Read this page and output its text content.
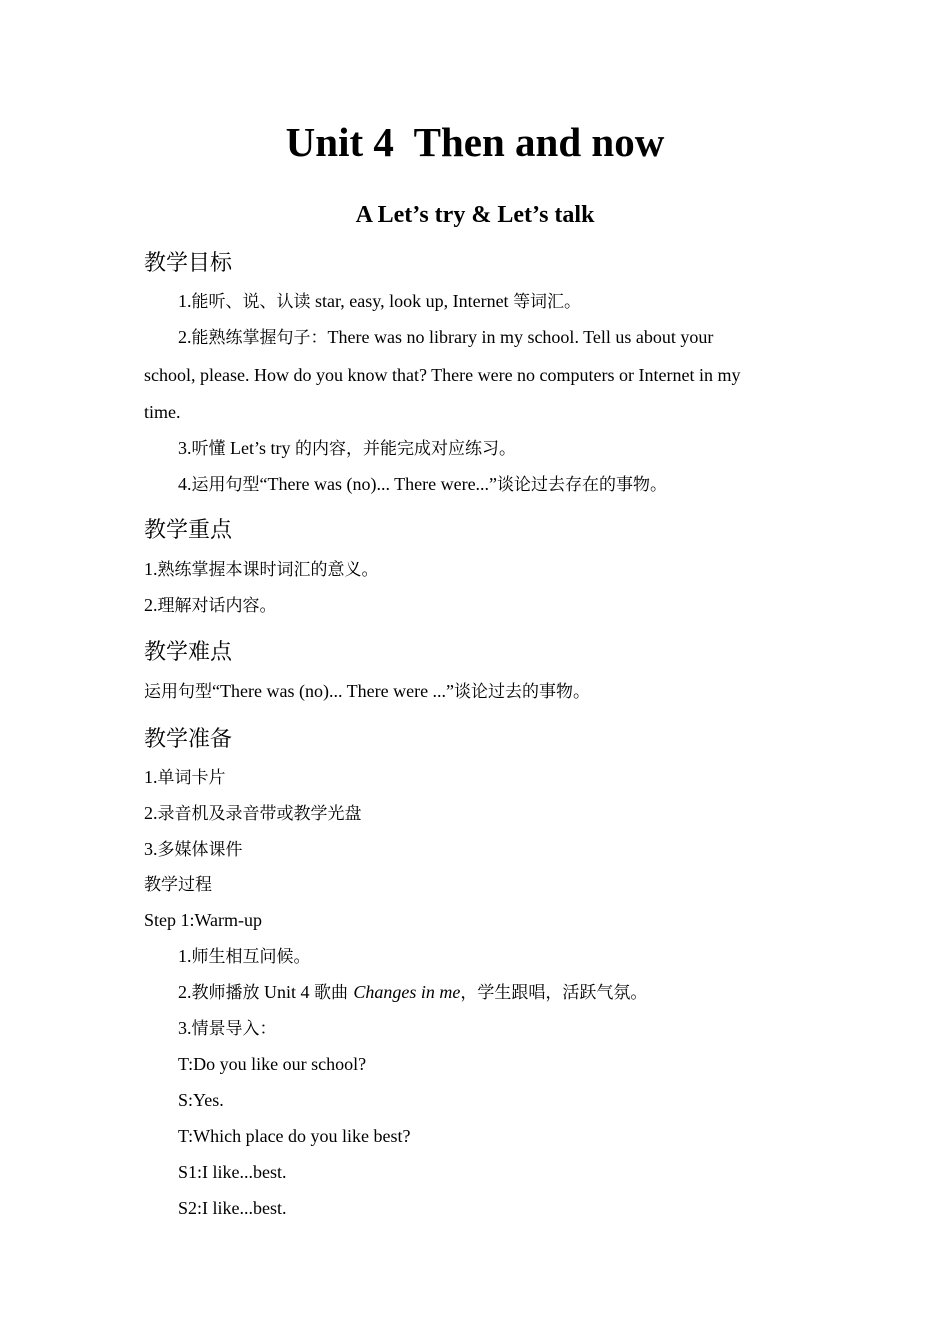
Unit 4  Then and now
A Let’s try & Let’s talk
教学目标
1.能听、说、认读 star, easy, look up, Internet 等词汇。
2.能熟练掌握句子：There was no library in my school. Tell us about your
school, please. How do you know that? There were no computers or Internet in my
time.
3.听懂 Let’s try 的内容，并能完成对应练习。
4.运用句型“There was (no)... There were...”谈论过去存在的事物。
教学重点
1.熟练掌握本课时词汇的意义。
2.理解对话内容。
教学难点
运用句型“There was (no)... There were ...”谈论过去的事物。
教学准备
1.单词卡片
2.录音机及录音带或教学光盘
3.多媒体课件
教学过程
Step 1:Warm-up
1.师生相互问候。
2.教师播放 Unit 4 歌曲 Changes in me，学生跟唱，活跃气氛。
3.情景导入：
T:Do you like our school?
S:Yes.
T:Which place do you like best?
S1:I like...best.
S2:I like...best.
